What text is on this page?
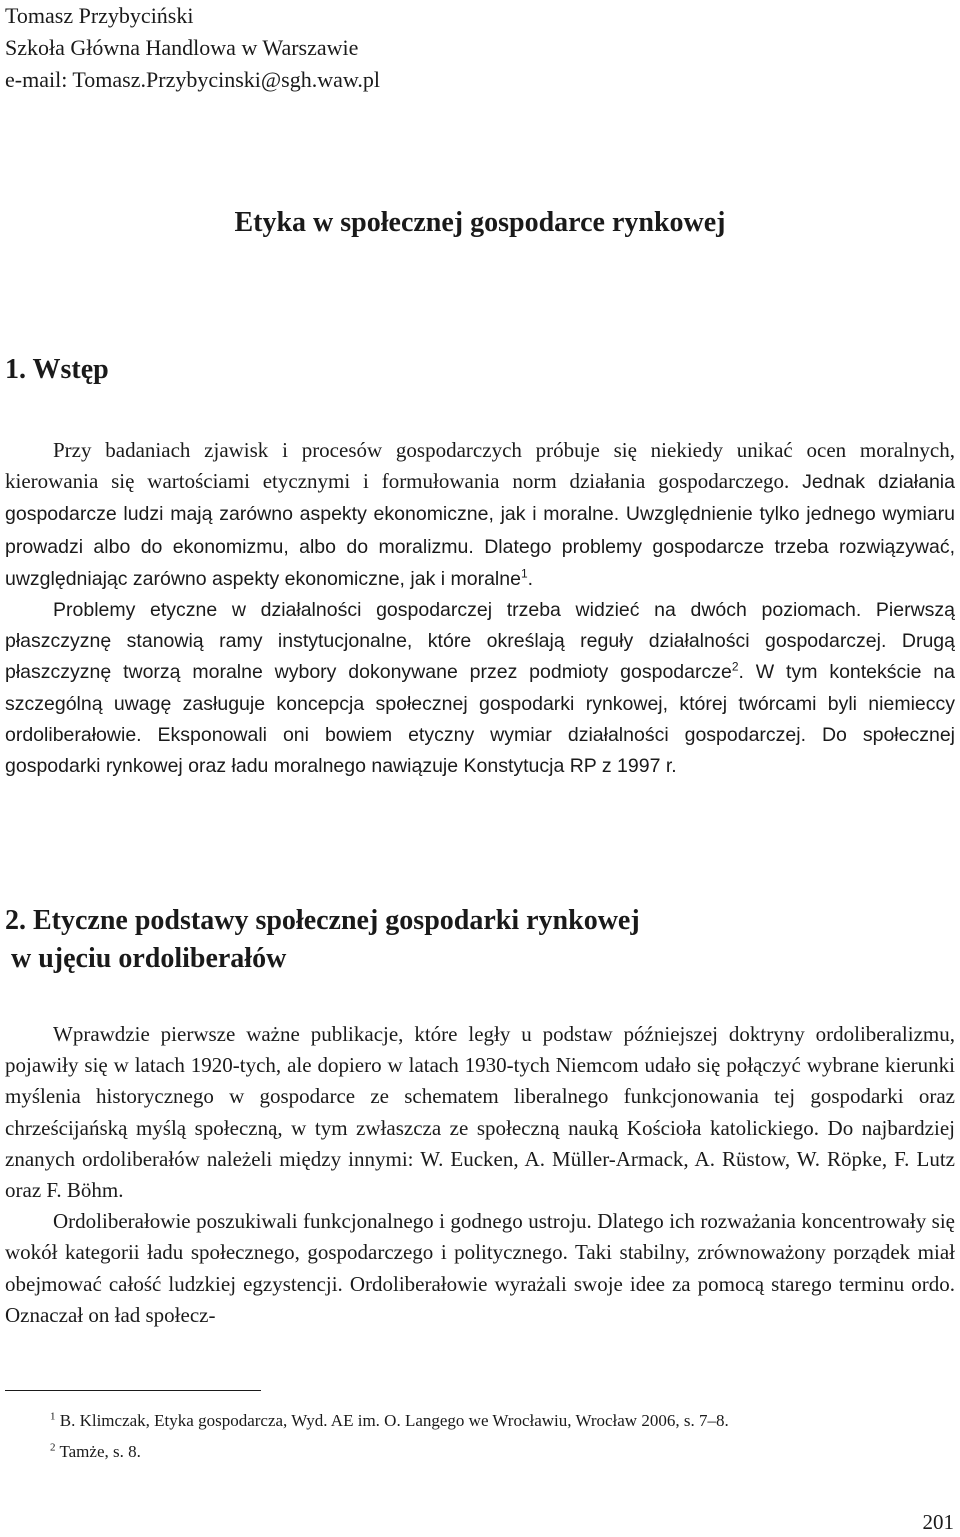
Tomasz Przybyciński
Szkoła Główna Handlowa w Warszawie
e-mail: Tomasz.Przybycinski@sgh.waw.pl
Etyka w społecznej gospodarce rynkowej
1. Wstęp

Przy badaniach zjawisk i procesów gospodarczych próbuje się niekiedy unikać ocen moralnych, kierowania się wartościami etycznymi i formułowania norm działania gospodarczego. Jednak działania gospodarcze ludzi mają zarówno aspekty ekonomiczne, jak i moralne. Uwzględnienie tylko jednego wymiaru prowadzi albo do ekonomizmu, albo do moralizmu. Dlatego problemy gospodarcze trzeba rozwiązywać, uwzględniając zarówno aspekty ekonomiczne, jak i moralne$^1$.

Problemy etyczne w działalności gospodarczej trzeba widzieć na dwóch poziomach. Pierwszą płaszczyznę stanowią ramy instytucjonalne, które określają reguły działalności gospodarczej. Drugą płaszczyznę tworzą moralne wybory dokonywane przez podmioty gospodarcze$^2$. W tym kontekście na szczególną uwagę zasługuje koncepcja społecznej gospodarki rynkowej, której twórcami byli niemieccy ordoliberałowie. Eksponowali oni bowiem etyczny wymiar działalności gospodarczej. Do społecznej gospodarki rynkowej oraz ładu moralnego nawiązuje Konstytucja RP z 1997 r.

2. Etyczne podstawy społecznej gospodarki rynkowej
w ujęciu ordoliberałów

Wprawdzie pierwsze ważne publikacje, które legły u podstaw późniejszej doktryny ordoliberalizmu, pojawiły się w latach 1920-tych, ale dopiero w latach 1930-tych Niemcom udało się połączyć wybrane kierunki myślenia historycznego w gospodarce ze schematem liberalnego funkcjonowania tej gospodarki oraz chrześcijańską myślą społeczną, w tym zwłaszcza ze społeczną nauką Kościoła katolickiego. Do najbardziej znanych ordoliberałów należeli między innymi: W. Eucken, A. Müller-Armack, A. Rüstow, W. Röpke, F. Lutz oraz F. Böhm.

Ordoliberałowie poszukiwali funkcjonalnego i godnego ustroju. Dlatego ich rozważania koncentrowały się wokół kategorii ładu społecznego, gospodarczego i politycznego. Taki stabilny, zrównoważony porządek miał obejmować całość ludzkiej egzystencji. Ordoliberałowie wyrażali swoje idee za pomocą starego terminu ordo. Oznaczał on ład społecz-

$^1$ B. Klimczak, Etyka gospodarcza, Wyd. AE im. O. Langego we Wrocławiu, Wrocław 2006, s. 7–8.

$^2$ Tamże, s. 8.

201
